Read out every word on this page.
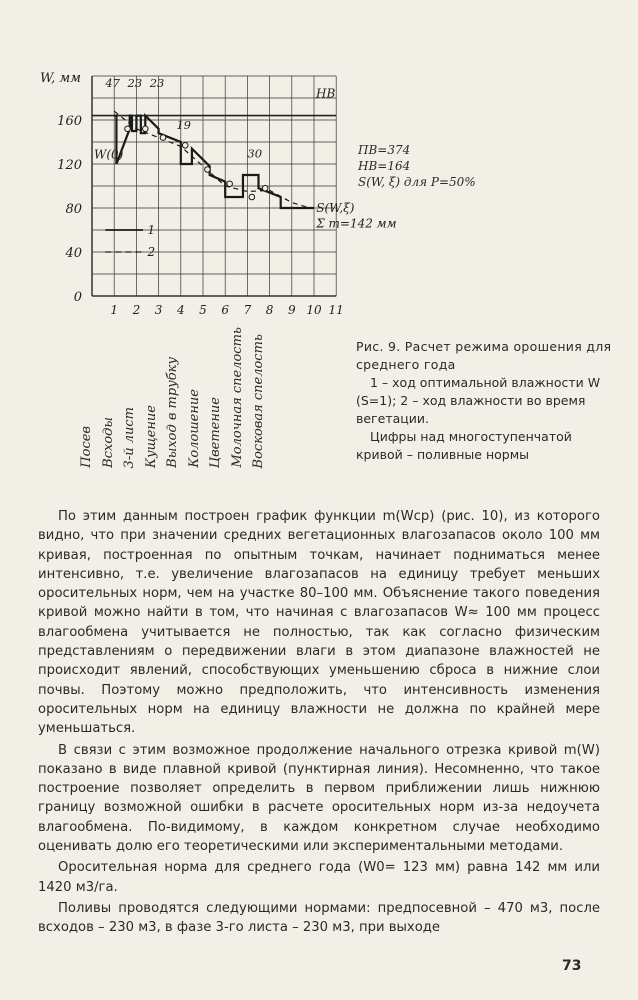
0
40
80
120
160
W, мм
1 2 3 4 5 6 7 8 9 10 11
НВ
47 23 23
19
30
W(0)
1
2
S(W,ξ)
Σ m=142 мм
ПВ=374
НВ=164
S(W, ξ) для P=50%
Посев Всходы 3-й лист Кущение Выход в трубку Колошение Цветение Молочная спелость Восковая спелость	Рис. 9. Расчет режима орошения для среднего года

1 – ход оптимальной влажности W (S=1); 2 – ход влажности во время вегетации.

Цифры над многоступенчатой кривой – поливные нормы

По этим данным построен график функции m(Wср) (рис. 10), из которого видно, что при значении средних вегетационных влагозапасов около 100 мм кривая, построенная по опытным точкам, начинает подниматься менее интенсивно, т.е. увеличение влагозапасов на единицу требует меньших оросительных норм, чем на участке 80–100 мм. Объяснение такого поведения кривой можно найти в том, что начиная с влагозапасов W≈ 100 мм процесс влагообмена учитывается не полностью, так как согласно физическим представлениям о передвижении влаги в этом диапазоне влажностей не происходит явлений, способствующих уменьшению сброса в нижние слои почвы. Поэтому можно предположить, что интенсивность изменения оросительных норм на единицу влажности не должна по крайней мере уменьшаться.

В связи с этим возможное продолжение начального отрезка кривой m(W) показано в виде плавной кривой (пунктирная линия). Несомненно, что такое построение позволяет определить в первом приближении лишь нижнюю границу возможной ошибки в расчете оросительных норм из-за недоучета влагообмена. По-видимому, в каждом конкретном случае необходимо оценивать долю его теоретическими или экспериментальными методами.

Оросительная норма для среднего года (W0= 123 мм) равна 142 мм или 1420 м3/га.

Поливы проводятся следующими нормами: предпосевной – 470 м3, после всходов – 230 м3, в фазе 3-го листа – 230 м3, при выходе

73
